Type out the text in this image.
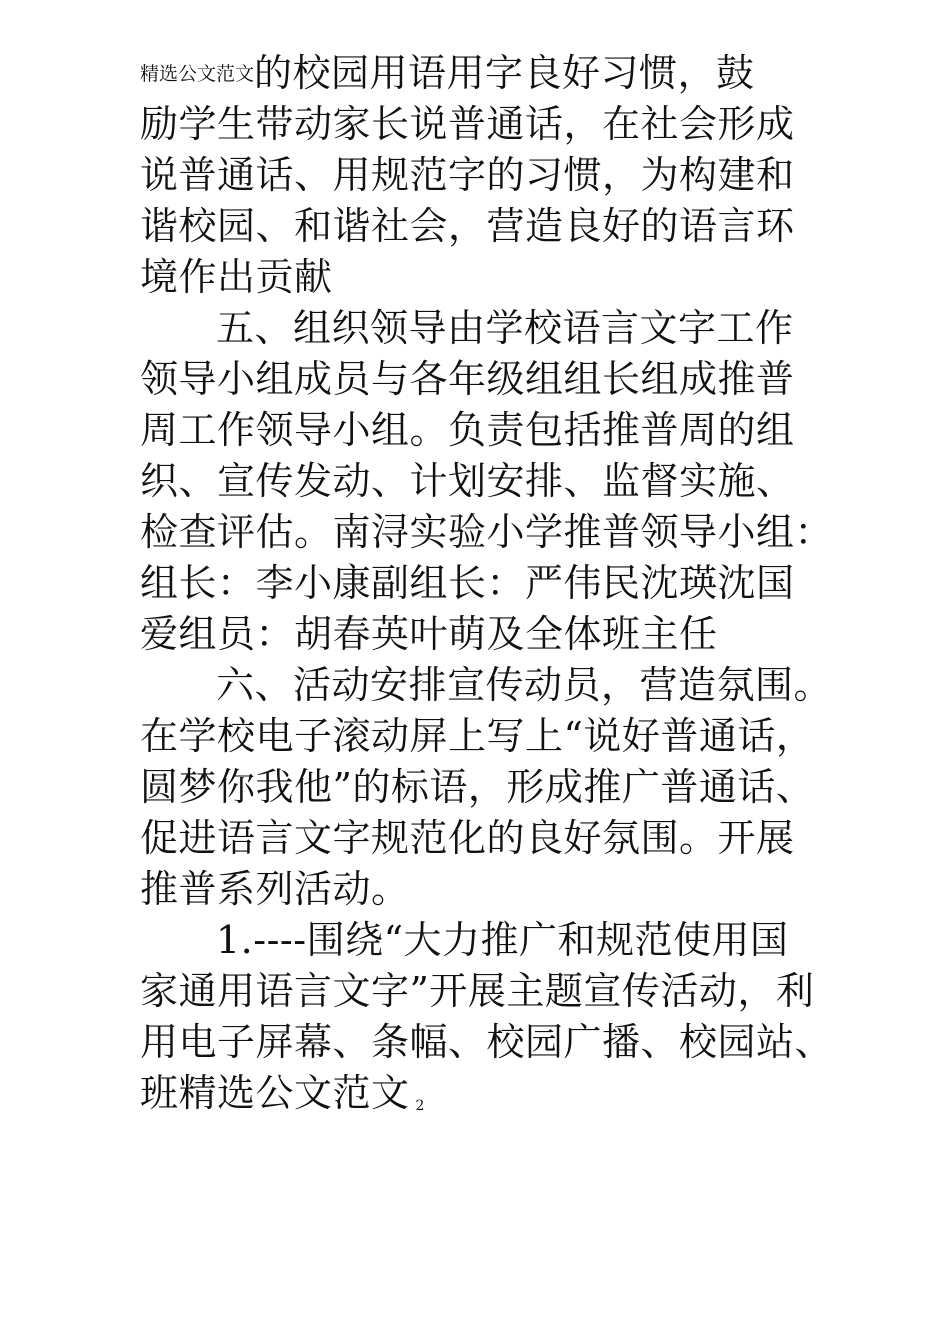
精选公文范文的校园用语用字良好习惯，鼓
励学生带动家长说普通话，在社会形成
说普通话、用规范字的习惯，为构建和
谐校园、和谐社会，营造良好的语言环
境作出贡献
五、组织领导由学校语言文字工作
领导小组成员与各年级组组长组成推普
周工作领导小组。负责包括推普周的组
织、宣传发动、计划安排、监督实施、
检查评估。南浔实验小学推普领导小组：
组长：李小康副组长：严伟民沈瑛沈国
爱组员：胡春英叶萌及全体班主任
六、活动安排宣传动员，营造氛围。
在学校电子滚动屏上写上“说好普通话，
圆梦你我他”的标语，形成推广普通话、
促进语言文字规范化的良好氛围。开展
推普系列活动。
1.----围绕“大力推广和规范使用国
家通用语言文字”开展主题宣传活动，利
用电子屏幕、条幅、校园广播、校园站、
班精选公文范文 2
